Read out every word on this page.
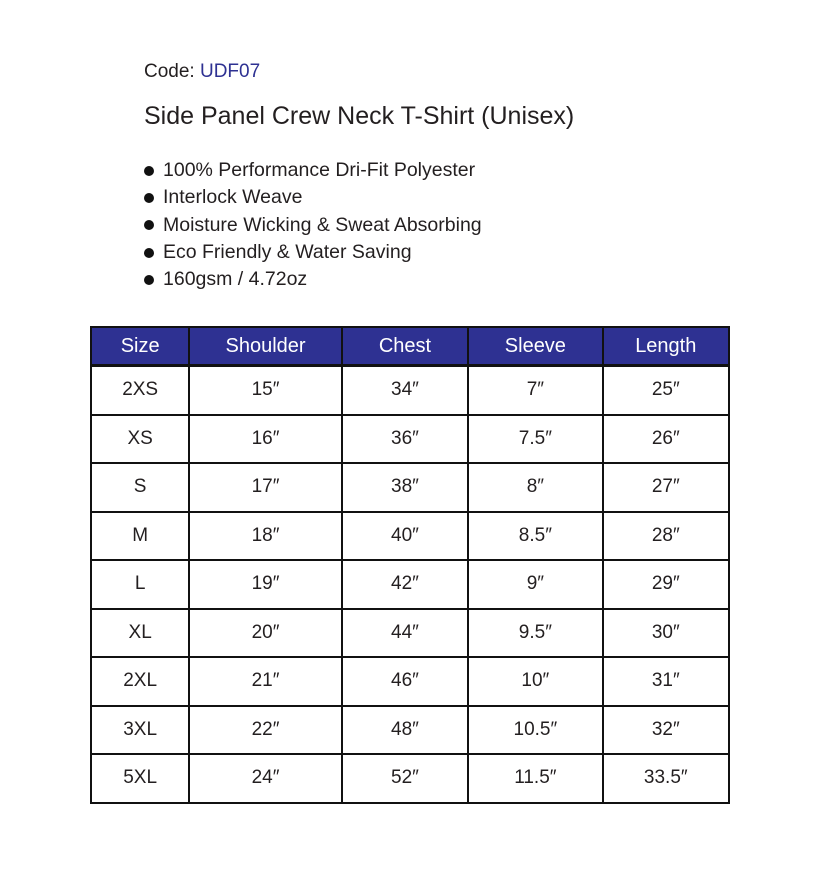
Code: UDF07
Side Panel Crew Neck T-Shirt (Unisex)
100% Performance Dri-Fit Polyester
Interlock Weave
Moisture Wicking & Sweat Absorbing
Eco Friendly & Water Saving
160gsm / 4.72oz
Size	Shoulder	Chest	Sleeve	Length
2XS	15″	34″	7″	25″
XS	16″	36″	7.5″	26″
S	17″	38″	8″	27″
M	18″	40″	8.5″	28″
L	19″	42″	9″	29″
XL	20″	44″	9.5″	30″
2XL	21″	46″	10″	31″
3XL	22″	48″	10.5″	32″
5XL	24″	52″	11.5″	33.5″
